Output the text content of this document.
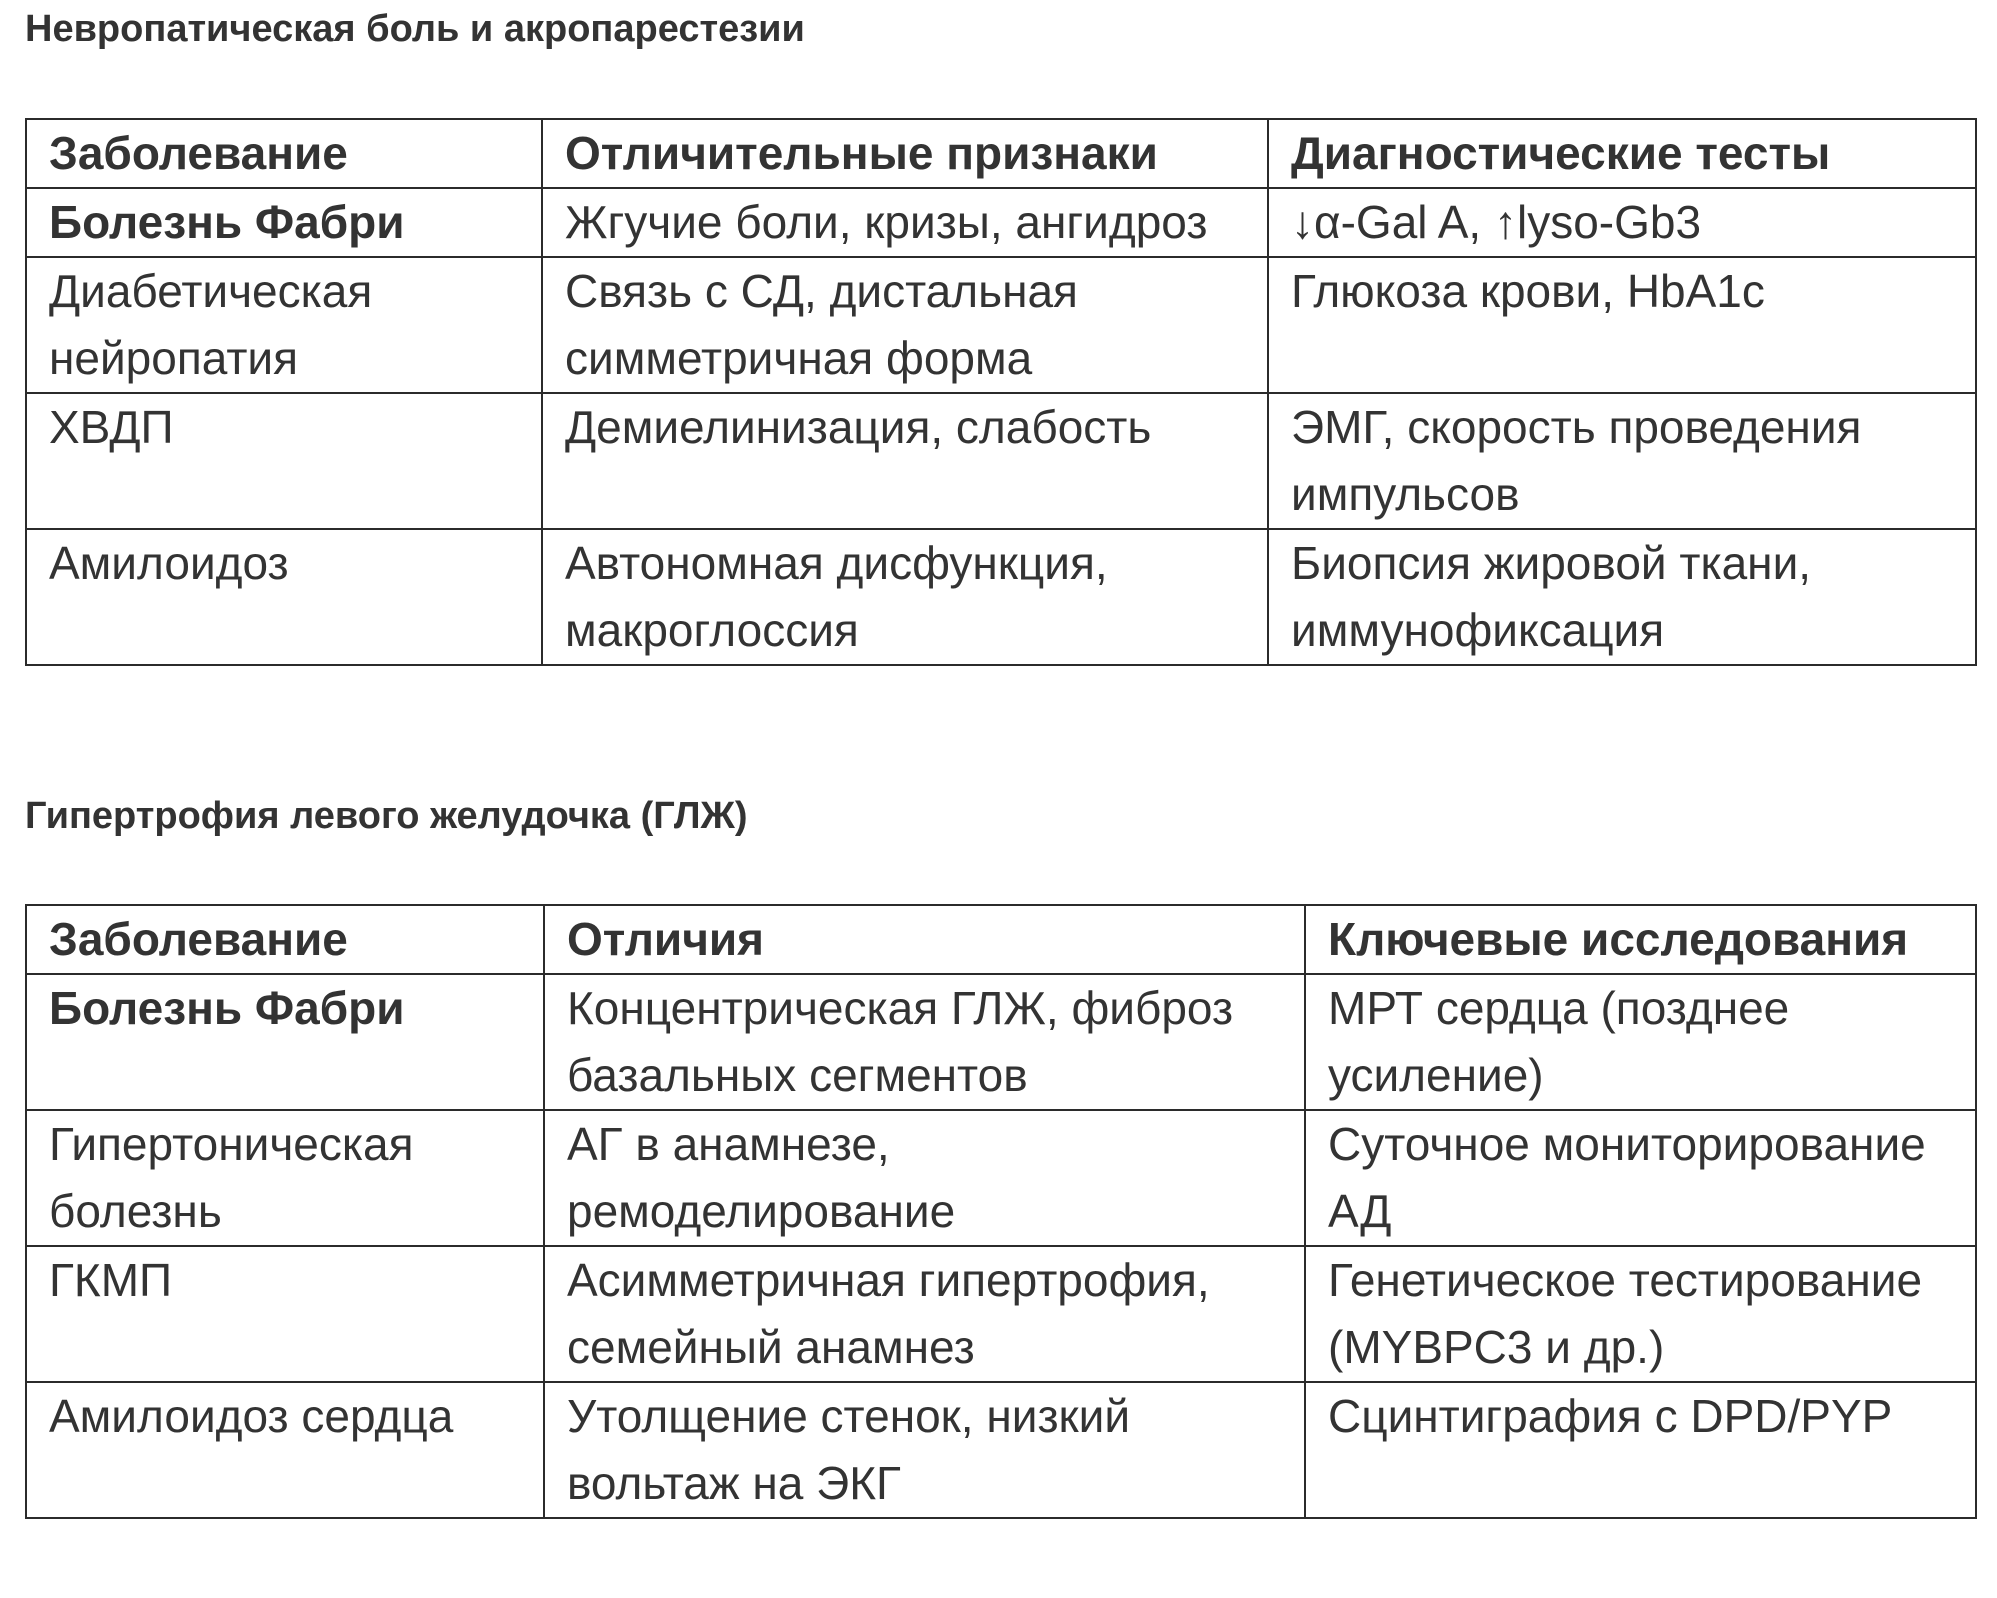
Невропатическая боль и акропарестезии
Заболевание	Отличительные признаки	Диагностические тесты
Болезнь Фабри	Жгучие боли, кризы, ангидроз	↓α-Gal A, ↑lyso-Gb3
Диабетическая нейропатия	Связь с СД, дистальная симметричная форма	Глюкоза крови, HbA1c
ХВДП	Демиелинизация, слабость	ЭМГ, скорость проведения импульсов
Амилоидоз	Автономная дисфункция, макроглоссия	Биопсия жировой ткани, иммунофиксация
Гипертрофия левого желудочка (ГЛЖ)
Заболевание	Отличия	Ключевые исследования
Болезнь Фабри	Концентрическая ГЛЖ, фиброз базальных сегментов	МРТ сердца (позднее усиление)
Гипертоническая болезнь	АГ в анамнезе, ремоделирование	Суточное мониторирование АД
ГКМП	Асимметричная гипертрофия, семейный анамнез	Генетическое тестирование (MYBPC3 и др.)
Амилоидоз сердца	Утолщение стенок, низкий вольтаж на ЭКГ	Сцинтиграфия с DPD/PYP
